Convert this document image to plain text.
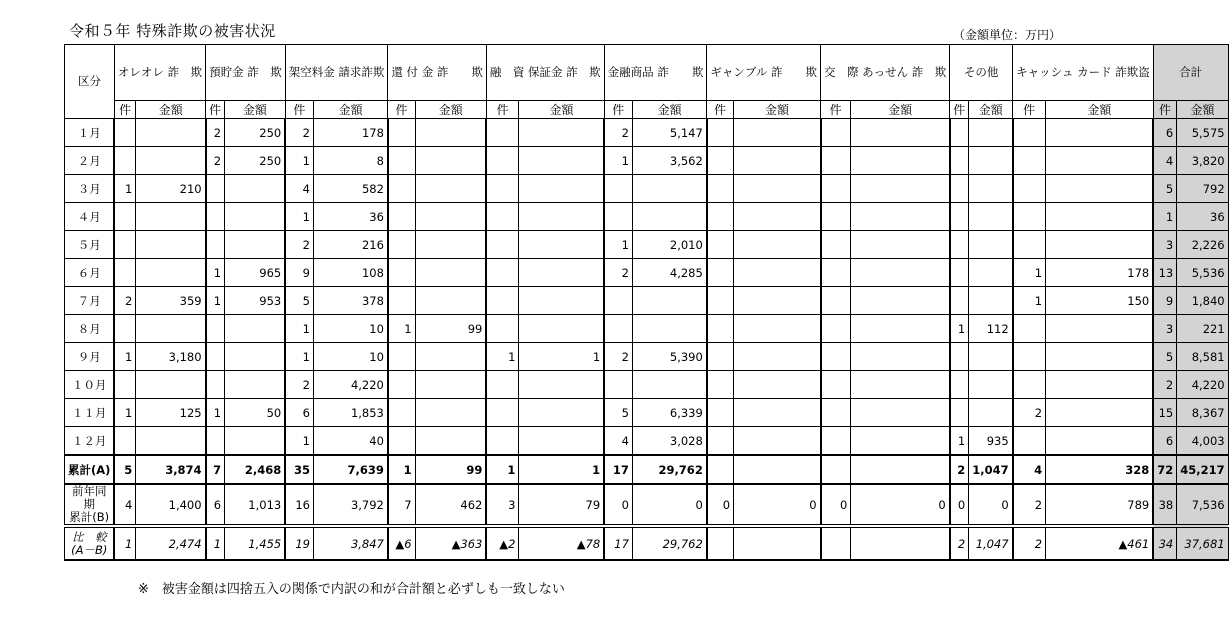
令和５年 特殊詐欺の被害状況	（金額単位：万円）
区分	オレオレ 詐　欺		預貯金 詐　欺		架空料金 請求詐欺		還 付 金 詐　　欺		融　資 保証金 詐　欺		金融商品 詐　　欺		ギャンブル 詐　　欺		交　際 あっせん 詐　欺		その他		キャッシュ カード 詐欺盗		合計	
	件	金額	件	金額	件	金額	件	金額	件	金額	件	金額	件	金額	件	金額	件	金額	件	金額	件	金額
１月			2	250	2	178					2	5,147									6	5,575
２月			2	250	1	8					1	3,562									4	3,820
３月	1	210			4	582															5	792
４月					1	36															1	36
５月					2	216					1	2,010									3	2,226
６月			1	965	9	108					2	4,285							1	178	13	5,536
７月	2	359	1	953	5	378													1	150	9	1,840
８月					1	10	1	99									1	112			3	221
９月	1	3,180			1	10			1	1	2	5,390									5	8,581
１０月					2	4,220															2	4,220
１１月	1	125	1	50	6	1,853					5	6,339							2		15	8,367
１２月					1	40					4	3,028					1	935			6	4,003
累計(A)	5	3,874	7	2,468	35	7,639	1	99	1	1	17	29,762					2	1,047	4	328	72	45,217
前年同期
累計(B)	4	1,400	6	1,013	16	3,792	7	462	3	79	0	0	0	0	0	0	0	0	2	789	38	7,536
比　較
(A－B)	1	2,474	1	1,455	19	3,847	▲6	▲363	▲2	▲78	17	29,762					2	1,047	2	▲461	34	37,681
※　被害金額は四捨五入の関係で内訳の和が合計額と必ずしも一致しない
